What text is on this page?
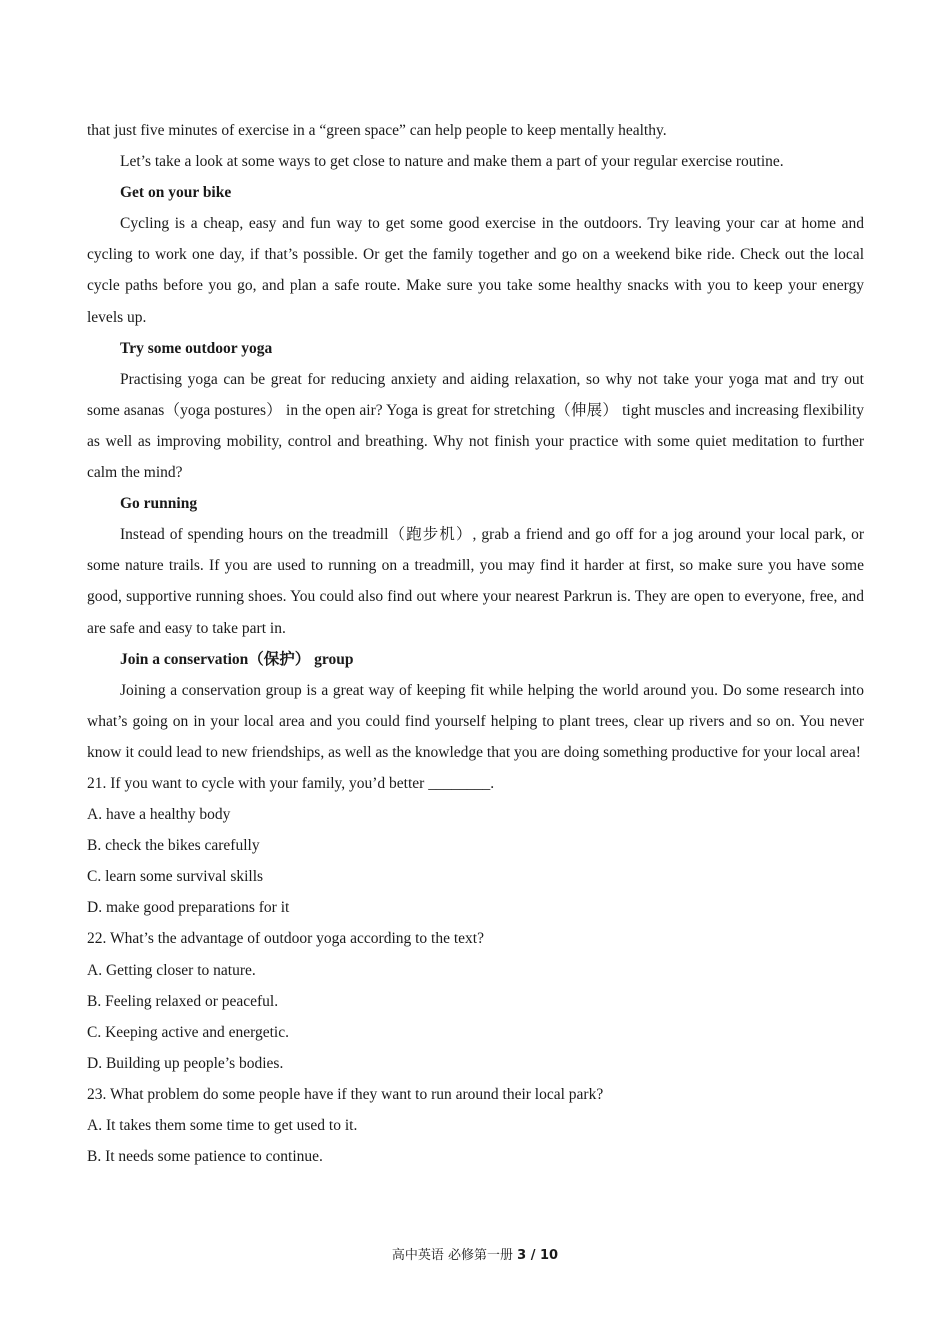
that just five minutes of exercise in a “green space” can help people to keep mentally healthy.

Let’s take a look at some ways to get close to nature and make them a part of your regular exercise routine.

Get on your bike

Cycling is a cheap, easy and fun way to get some good exercise in the outdoors. Try leaving your car at home and cycling to work one day, if that’s possible. Or get the family together and go on a weekend bike ride. Check out the local cycle paths before you go, and plan a safe route. Make sure you take some healthy snacks with you to keep your energy levels up.

Try some outdoor yoga

Practising yoga can be great for reducing anxiety and aiding relaxation, so why not take your yoga mat and try out some asanas（yoga postures） in the open air? Yoga is great for stretching（伸展） tight muscles and increasing flexibility as well as improving mobility, control and breathing. Why not finish your practice with some quiet meditation to further calm the mind?

Go running

Instead of spending hours on the treadmill（跑步机）, grab a friend and go off for a jog around your local park, or some nature trails. If you are used to running on a treadmill, you may find it harder at first, so make sure you have some good, supportive running shoes. You could also find out where your nearest Parkrun is. They are open to everyone, free, and are safe and easy to take part in.

Join a conservation（保护） group

Joining a conservation group is a great way of keeping fit while helping the world around you. Do some research into what’s going on in your local area and you could find yourself helping to plant trees, clear up rivers and so on. You never know it could lead to new friendships, as well as the knowledge that you are doing something productive for your local area!

21. If you want to cycle with your family, you’d better ________.

A. have a healthy body

B. check the bikes carefully

C. learn some survival skills

D. make good preparations for it

22. What’s the advantage of outdoor yoga according to the text?

A. Getting closer to nature.

B. Feeling relaxed or peaceful.

C. Keeping active and energetic.

D. Building up people’s bodies.

23. What problem do some people have if they want to run around their local park?

A. It takes them some time to get used to it.

B. It needs some patience to continue.

高中英语 必修第一册 3 / 10
